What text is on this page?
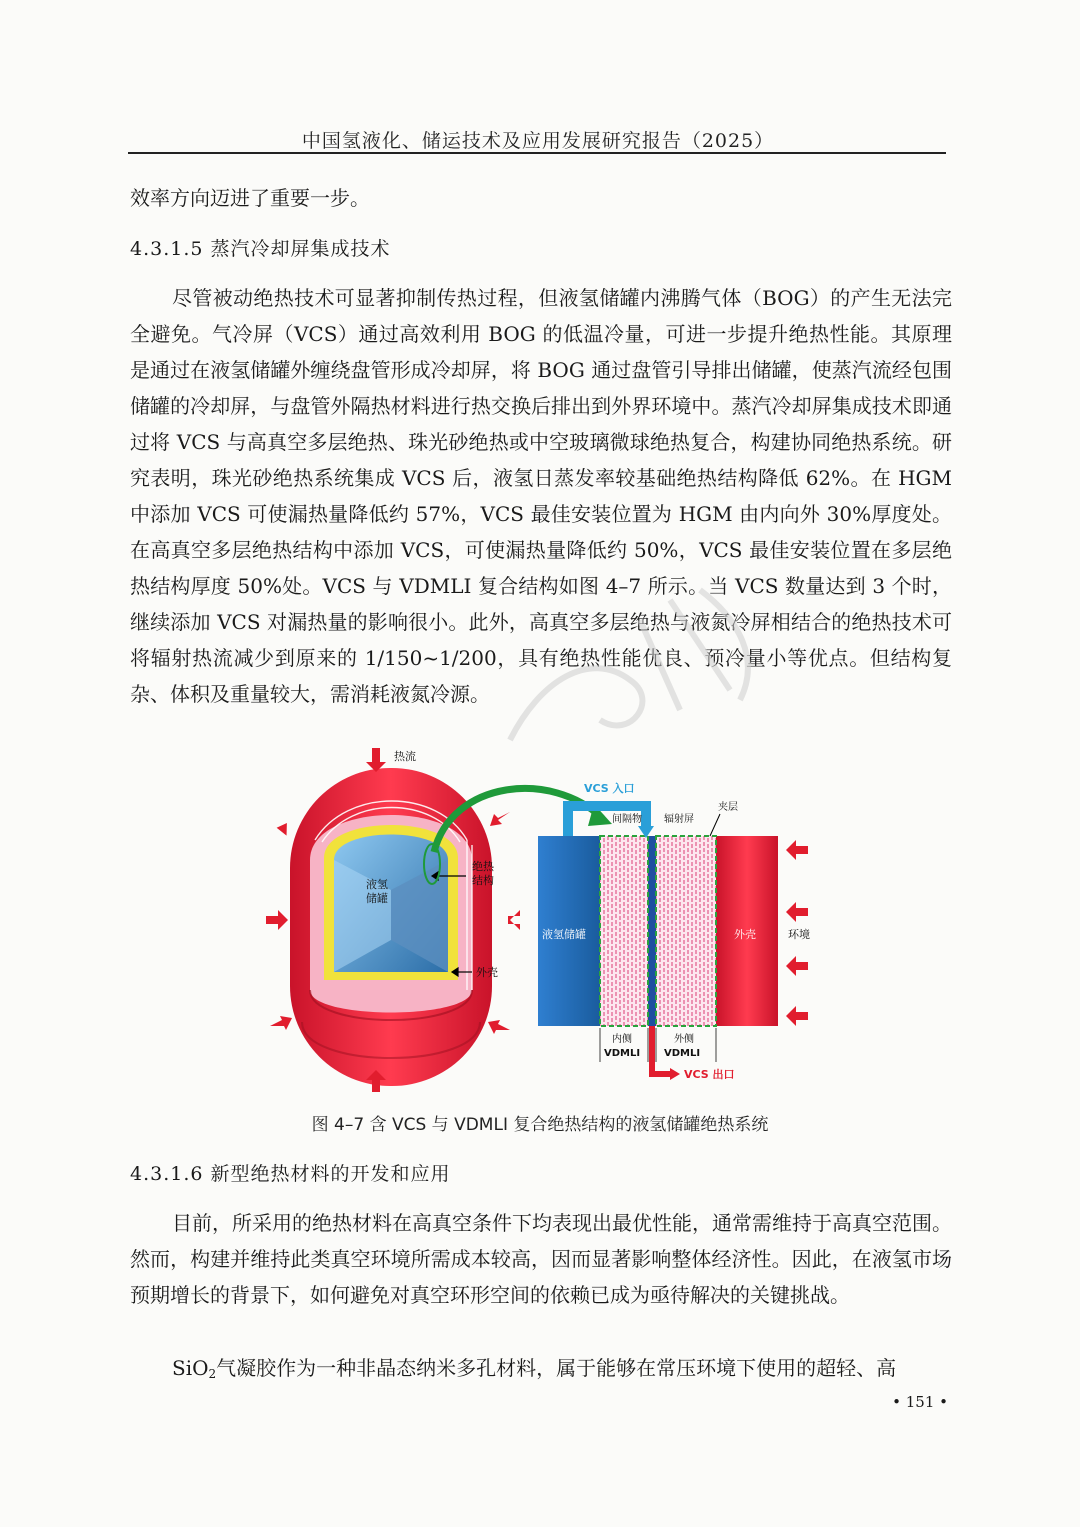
中国氢液化、储运技术及应用发展研究报告（2025）
效率方向迈进了重要一步。
4.3.1.5 蒸汽冷却屏集成技术
尽管被动绝热技术可显著抑制传热过程，但液氢储罐内沸腾气体（BOG）的产生无法完全避免。气冷屏（VCS）通过高效利用 BOG 的低温冷量，可进一步提升绝热性能。其原理是通过在液氢储罐外缠绕盘管形成冷却屏，将 BOG 通过盘管引导排出储罐，使蒸汽流经包围储罐的冷却屏，与盘管外隔热材料进行热交换后排出到外界环境中。蒸汽冷却屏集成技术即通过将 VCS 与高真空多层绝热、珠光砂绝热或中空玻璃微球绝热复合，构建协同绝热系统。研究表明，珠光砂绝热系统集成 VCS 后，液氢日蒸发率较基础绝热结构降低 62%。在 HGM 中添加 VCS 可使漏热量降低约 57%，VCS 最佳安装位置为 HGM 由内向外 30%厚度处。在高真空多层绝热结构中添加 VCS，可使漏热量降低约 50%，VCS 最佳安装位置在多层绝热结构厚度 50%处。VCS 与 VDMLI 复合结构如图 4–7 所示。当 VCS 数量达到 3 个时，继续添加 VCS 对漏热量的影响很小。此外，高真空多层绝热与液氮冷屏相结合的绝热技术可将辐射热流减少到原来的 1/150~1/200，具有绝热性能优良、预冷量小等优点。但结构复杂、体积及重量较大，需消耗液氮冷源。
热流
液氢
储罐
绝热
结构
外壳
VCS 入口
VCS 出口
间隔物 辐射屏
夹层
液氢储罐	外壳	环境
内侧
VDMLI
外侧
VDMLI
图 4–7 含 VCS 与 VDMLI 复合绝热结构的液氢储罐绝热系统
4.3.1.6 新型绝热材料的开发和应用
目前，所采用的绝热材料在高真空条件下均表现出最优性能，通常需维持于高真空范围。然而，构建并维持此类真空环境所需成本较高，因而显著影响整体经济性。因此，在液氢市场预期增长的背景下，如何避免对真空环形空间的依赖已成为亟待解决的关键挑战。
SiO$_2$气凝胶作为一种非晶态纳米多孔材料，属于能够在常压环境下使用的超轻、高
• 151 •
